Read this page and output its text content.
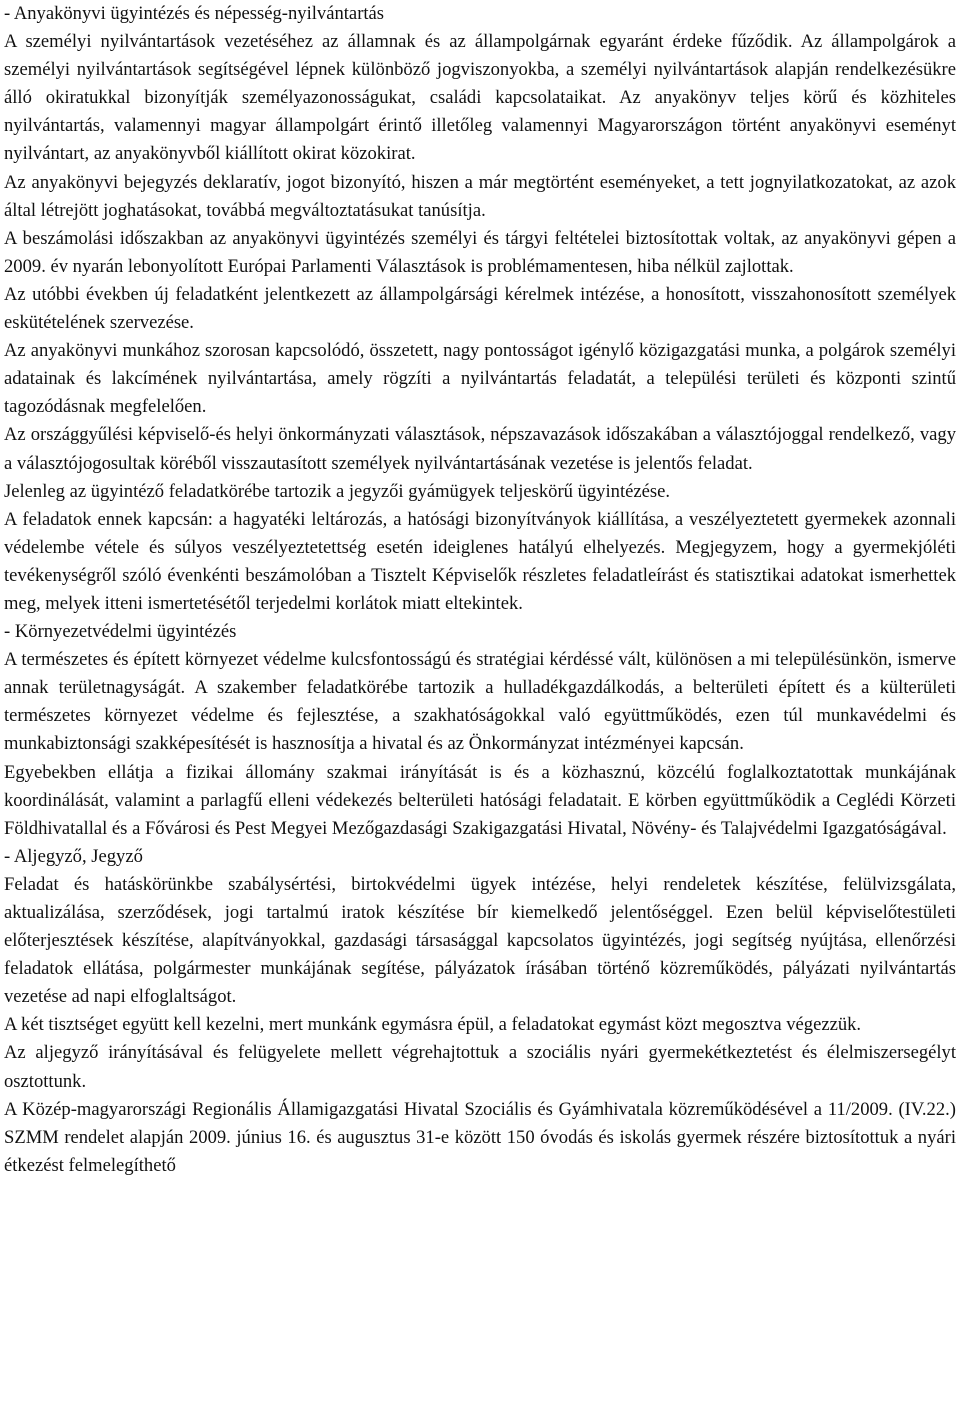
- Anyakönyvi ügyintézés és népesség-nyilvántartás

A személyi nyilvántartások vezetéséhez az államnak és az állampolgárnak egyaránt érdeke fűződik. Az állampolgárok a személyi nyilvántartások segítségével lépnek különböző jogviszonyokba, a személyi nyilvántartások alapján rendelkezésükre álló okiratukkal bizonyítják személyazonosságukat, családi kapcsolataikat. Az anyakönyv teljes körű és közhiteles nyilvántartás, valamennyi magyar állampolgárt érintő illetőleg valamennyi Magyarországon történt anyakönyvi eseményt nyilvántart, az anyakönyvből kiállított okirat közokirat.

Az anyakönyvi bejegyzés deklaratív, jogot bizonyító, hiszen a már megtörtént eseményeket, a tett jognyilatkozatokat, az azok által létrejött joghatásokat, továbbá megváltoztatásukat tanúsítja.

A beszámolási időszakban az anyakönyvi ügyintézés személyi és tárgyi feltételei biztosítottak voltak, az anyakönyvi gépen a 2009. év nyarán lebonyolított Európai Parlamenti Választások is problémamentesen, hiba nélkül zajlottak.

Az utóbbi években új feladatként jelentkezett az állampolgársági kérelmek intézése, a honosított, visszahonosított személyek eskütételének szervezése.

Az anyakönyvi munkához szorosan kapcsolódó, összetett, nagy pontosságot igénylő közigazgatási munka, a polgárok személyi adatainak és lakcímének nyilvántartása, amely rögzíti a nyilvántartás feladatát, a települési területi és központi szintű tagozódásnak megfelelően.

Az országgyűlési képviselő-és helyi önkormányzati választások, népszavazások időszakában a választójoggal rendelkező, vagy a választójogosultak köréből visszautasított személyek nyilvántartásának vezetése is jelentős feladat.

Jelenleg az ügyintéző feladatkörébe tartozik a jegyzői gyámügyek teljeskörű ügyintézése.

A feladatok ennek kapcsán: a hagyatéki leltározás, a hatósági bizonyítványok kiállítása, a veszélyeztetett gyermekek azonnali védelembe vétele és súlyos veszélyeztetettség esetén ideiglenes hatályú elhelyezés. Megjegyzem, hogy a gyermekjóléti tevékenységről szóló évenkénti beszámolóban a Tisztelt Képviselők részletes feladatleírást és statisztikai adatokat ismerhettek meg, melyek itteni ismertetésétől terjedelmi korlátok miatt eltekintek.

- Környezetvédelmi ügyintézés

A természetes és épített környezet védelme kulcsfontosságú és stratégiai kérdéssé vált, különösen a mi településünkön, ismerve annak területnagyságát. A szakember feladatkörébe tartozik a hulladékgazdálkodás, a belterületi épített és a külterületi természetes környezet védelme és fejlesztése, a szakhatóságokkal való együttműködés, ezen túl munkavédelmi és munkabiztonsági szakképesítését is hasznosítja a hivatal és az Önkormányzat intézményei kapcsán.

Egyebekben ellátja a fizikai állomány szakmai irányítását is és a közhasznú, közcélú foglalkoztatottak munkájának koordinálását, valamint a parlagfű elleni védekezés belterületi hatósági feladatait. E körben együttműködik a Ceglédi Körzeti Földhivatallal és a Fővárosi és Pest Megyei Mezőgazdasági Szakigazgatási Hivatal, Növény- és Talajvédelmi Igazgatóságával.

- Aljegyző, Jegyző

Feladat és hatáskörünkbe szabálysértési, birtokvédelmi ügyek intézése, helyi rendeletek készítése, felülvizsgálata, aktualizálása, szerződések, jogi tartalmú iratok készítése bír kiemelkedő jelentőséggel. Ezen belül képviselőtestületi előterjesztések készítése, alapítványokkal, gazdasági társasággal kapcsolatos ügyintézés, jogi segítség nyújtása, ellenőrzési feladatok ellátása, polgármester munkájának segítése, pályázatok írásában történő közreműködés, pályázati nyilvántartás vezetése ad napi elfoglaltságot.

A két tisztséget együtt kell kezelni, mert munkánk egymásra épül, a feladatokat egymást közt megosztva végezzük.

Az aljegyző irányításával és felügyelete mellett végrehajtottuk a szociális nyári gyermekétkeztetést és élelmiszersegélyt osztottunk.

A Közép-magyarországi Regionális Államigazgatási Hivatal Szociális és Gyámhivatala közreműködésével a 11/2009. (IV.22.) SZMM rendelet alapján 2009. június 16. és augusztus 31-e között 150 óvodás és iskolás gyermek részére biztosítottuk a nyári étkezést felmelegíthető
